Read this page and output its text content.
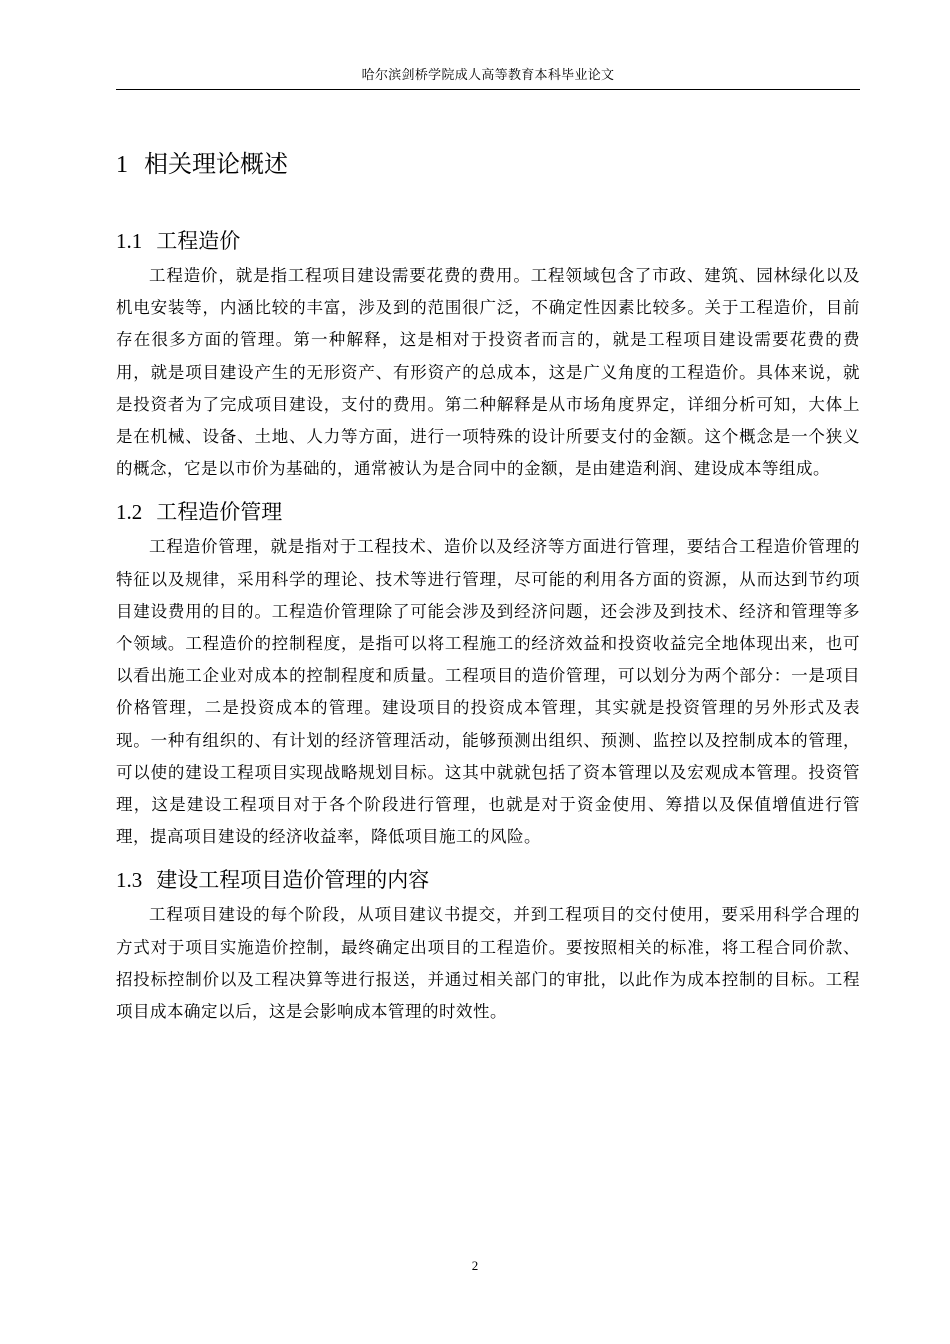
哈尔滨剑桥学院成人高等教育本科毕业论文
1 相关理论概述
1.1 工程造价

工程造价，就是指工程项目建设需要花费的费用。工程领域包含了市政、建筑、园林绿化以及机电安装等，内涵比较的丰富，涉及到的范围很广泛，不确定性因素比较多。关于工程造价，目前存在很多方面的管理。第一种解释，这是相对于投资者而言的，就是工程项目建设需要花费的费用，就是项目建设产生的无形资产、有形资产的总成本，这是广义角度的工程造价。具体来说，就是投资者为了完成项目建设，支付的费用。第二种解释是从市场角度界定，详细分析可知，大体上是在机械、设备、土地、人力等方面，进行一项特殊的设计所要支付的金额。这个概念是一个狭义的概念，它是以市价为基础的，通常被认为是合同中的金额，是由建造利润、建设成本等组成。

1.2 工程造价管理

工程造价管理，就是指对于工程技术、造价以及经济等方面进行管理，要结合工程造价管理的特征以及规律，采用科学的理论、技术等进行管理，尽可能的利用各方面的资源，从而达到节约项目建设费用的目的。工程造价管理除了可能会涉及到经济问题，还会涉及到技术、经济和管理等多个领域。工程造价的控制程度，是指可以将工程施工的经济效益和投资收益完全地体现出来，也可以看出施工企业对成本的控制程度和质量。工程项目的造价管理，可以划分为两个部分：一是项目价格管理，二是投资成本的管理。建设项目的投资成本管理，其实就是投资管理的另外形式及表现。一种有组织的、有计划的经济管理活动，能够预测出组织、预测、监控以及控制成本的管理，可以使的建设工程项目实现战略规划目标。这其中就就包括了资本管理以及宏观成本管理。投资管理，这是建设工程项目对于各个阶段进行管理，也就是对于资金使用、筹措以及保值增值进行管理，提高项目建设的经济收益率，降低项目施工的风险。

1.3 建设工程项目造价管理的内容

工程项目建设的每个阶段，从项目建议书提交，并到工程项目的交付使用，要采用科学合理的方式对于项目实施造价控制，最终确定出项目的工程造价。要按照相关的标准，将工程合同价款、招投标控制价以及工程决算等进行报送，并通过相关部门的审批，以此作为成本控制的目标。工程项目成本确定以后，这是会影响成本管理的时效性。

2
